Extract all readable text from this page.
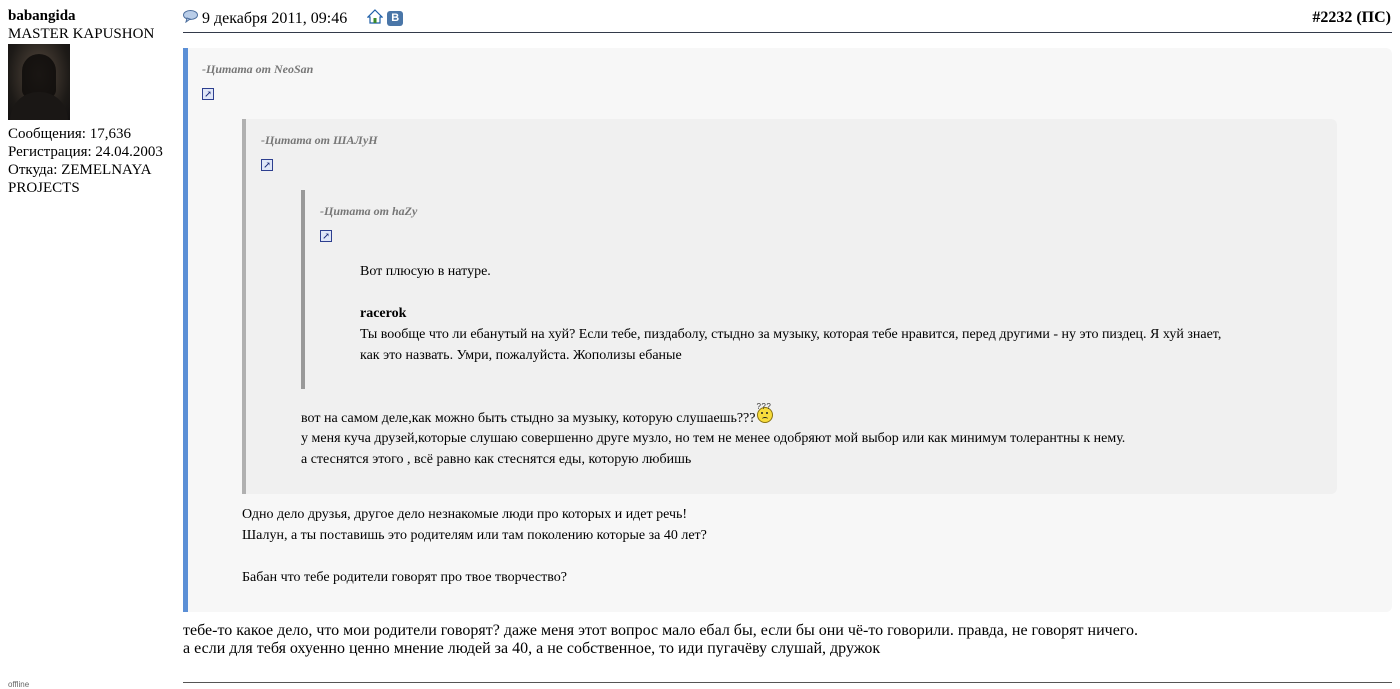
babangida
MASTER KAPUSHON
Сообщения: 17,636
Регистрация: 24.04.2003
Откуда: ZEMELNAYA
PROJECTS
offline
9 декабря 2011, 09:46	В	#2232 (ПС)
-Цитата от NeoSan
↗
-Цитата от ШАЛуН
↗
-Цитата от haZy
↗
Вот плюсую в натуре.
racerok
Ты вообще что ли ебанутый на хуй? Если тебе, пиздаболу, стыдно за музыку, которая тебе нравится, перед другими - ну это пиздец. Я хуй знает,
как это назвать. Умри, пожалуйста. Жополизы ебаные
вот на самом деле,как можно быть стыдно за музыку, которую слушаешь???
???
у меня куча друзей,которые слушаю совершенно друге музло, но тем не менее одобряют мой выбор или как минимум толерантны к нему.
а стеснятся этого , всё равно как стеснятся еды, которую любишь
Одно дело друзья, другое дело незнакомые люди про которых и идет речь!
Шалун, а ты поставишь это родителям или там поколению которые за 40 лет?
Бабан что тебе родители говорят про твое творчество?
тебе-то какое дело, что мои родители говорят? даже меня этот вопрос мало ебал бы, если бы они чё-то говорили. правда, не говорят ничего.
а если для тебя охуенно ценно мнение людей за 40, а не собственное, то иди пугачёву слушай, дружок
